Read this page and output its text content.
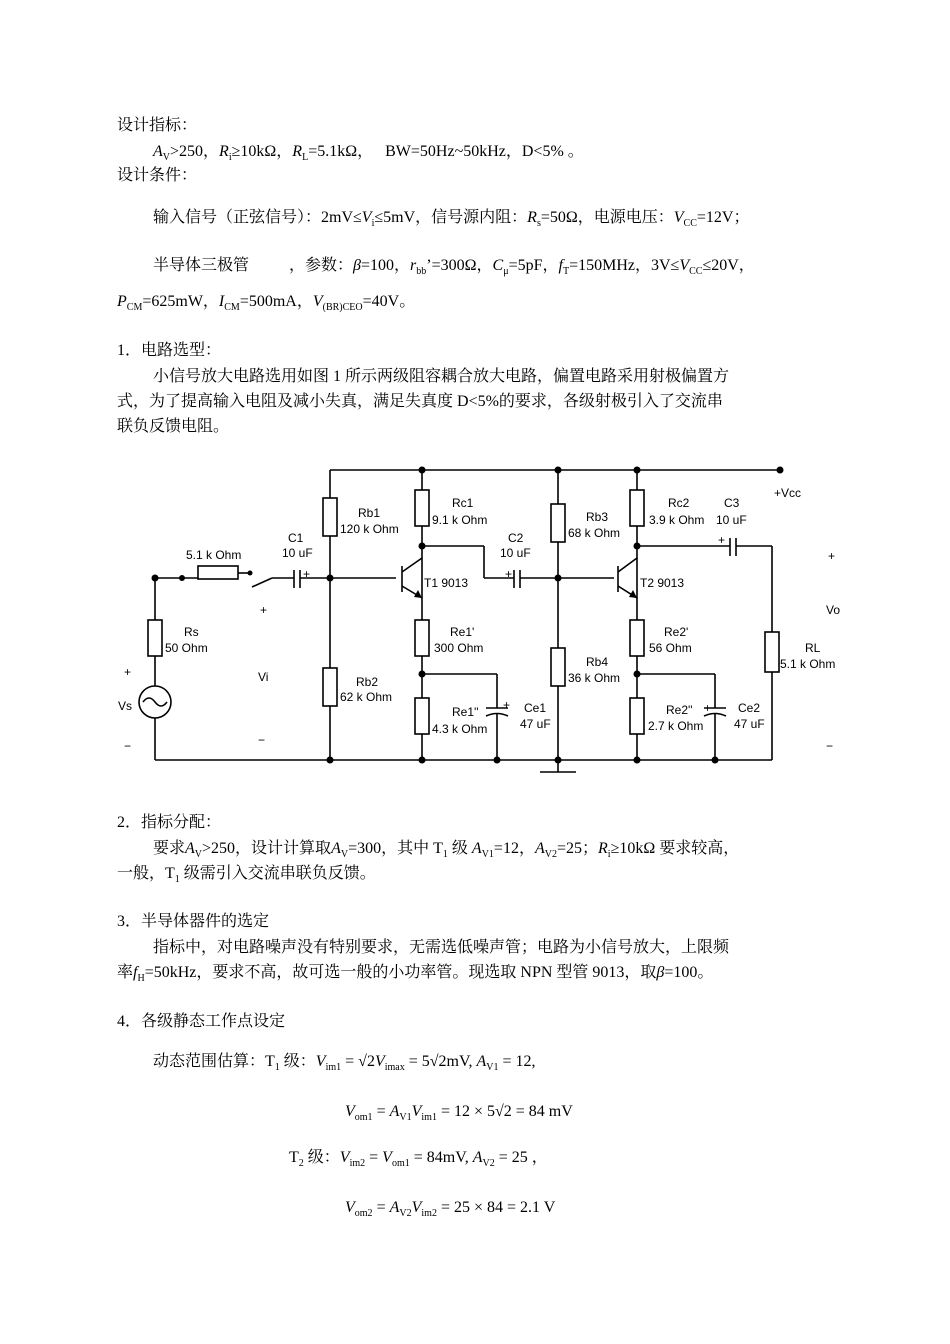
设计指标：
$A_V>250$，$R_i\ge 10k\Omega$，$R_L=5.1k\Omega$， BW=50Hz~50kHz，D<5% 。
设计条件：
输入信号（正弦信号）：$2mV\le V_i\le 5mV$，信号源内阻：$R_s=50\Omega$，电源电压：$V_{CC}=12V$；
半导体三极管	，参数：β=100，$r_{bb}’=300\Omega$，$C_\mu=5pF$，$f_T=150MHz$，$3V\le V_{CC}\le 20V$，
$P_{CM}=625mW$，$I_{CM}=500mA$，$V_{(BR)CEO}=40V$。
1．电路选型：
小信号放大电路选用如图 1 所示两级阻容耦合放大电路，偏置电路采用射极偏置方
式，为了提高输入电阻及减小失真，满足失真度 D<5%的要求，各级射极引入了交流串
联负反馈电阻。
5.1 k Ohm
C1
10 uF
Rb1
120 k Ohm
Rc1
9.1 k Ohm
C2
10 uF
Rb3
68 k Ohm
Rc2
3.9 k Ohm
C3
10 uF
+Vcc
T1 9013	T2 9013
Rs
50 Ohm
+
Vs
−
+
Vi
−
Rb2
62 k Ohm
Re1'
300 Ohm
Re1''
4.3 k Ohm
+ Ce1
47 uF
Rb4
36 k Ohm
Re2'
56 Ohm
Re2''
2.7 k Ohm
+ Ce2
47 uF
RL
5.1 k Ohm
+
Vo
−
+	+
+
2．指标分配：
要求$A_V>250$，设计计算取$A_V=300$，其中 $T_1$ 级 $A_{V1}=12$，$A_{V2}=25$；$R_i\ge 10k\Omega$ 要求较高，
一般，$T_1$ 级需引入交流串联负反馈。
3．半导体器件的选定
指标中，对电路噪声没有特别要求，无需选低噪声管；电路为小信号放大，上限频
率$f_H=50kHz$，要求不高，故可选一般的小功率管。现选取 NPN 型管 9013，取β=100。
4．各级静态工作点设定
动态范围估算：$T_1$ 级：$V_{im1} = √2V_{imax} = 5√2mV$, $A_{V1} = 12$,
$V_{om1} = A_{V1}V_{im1} = 12 \times 5√2 = 84$ mV
$T_2$ 级：$V_{im2} = V_{om1} = 84mV$, $A_{V2} = 25$ ，
$V_{om2} = A_{V2}V_{im2} = 25 \times 84 = 2.1$ V
